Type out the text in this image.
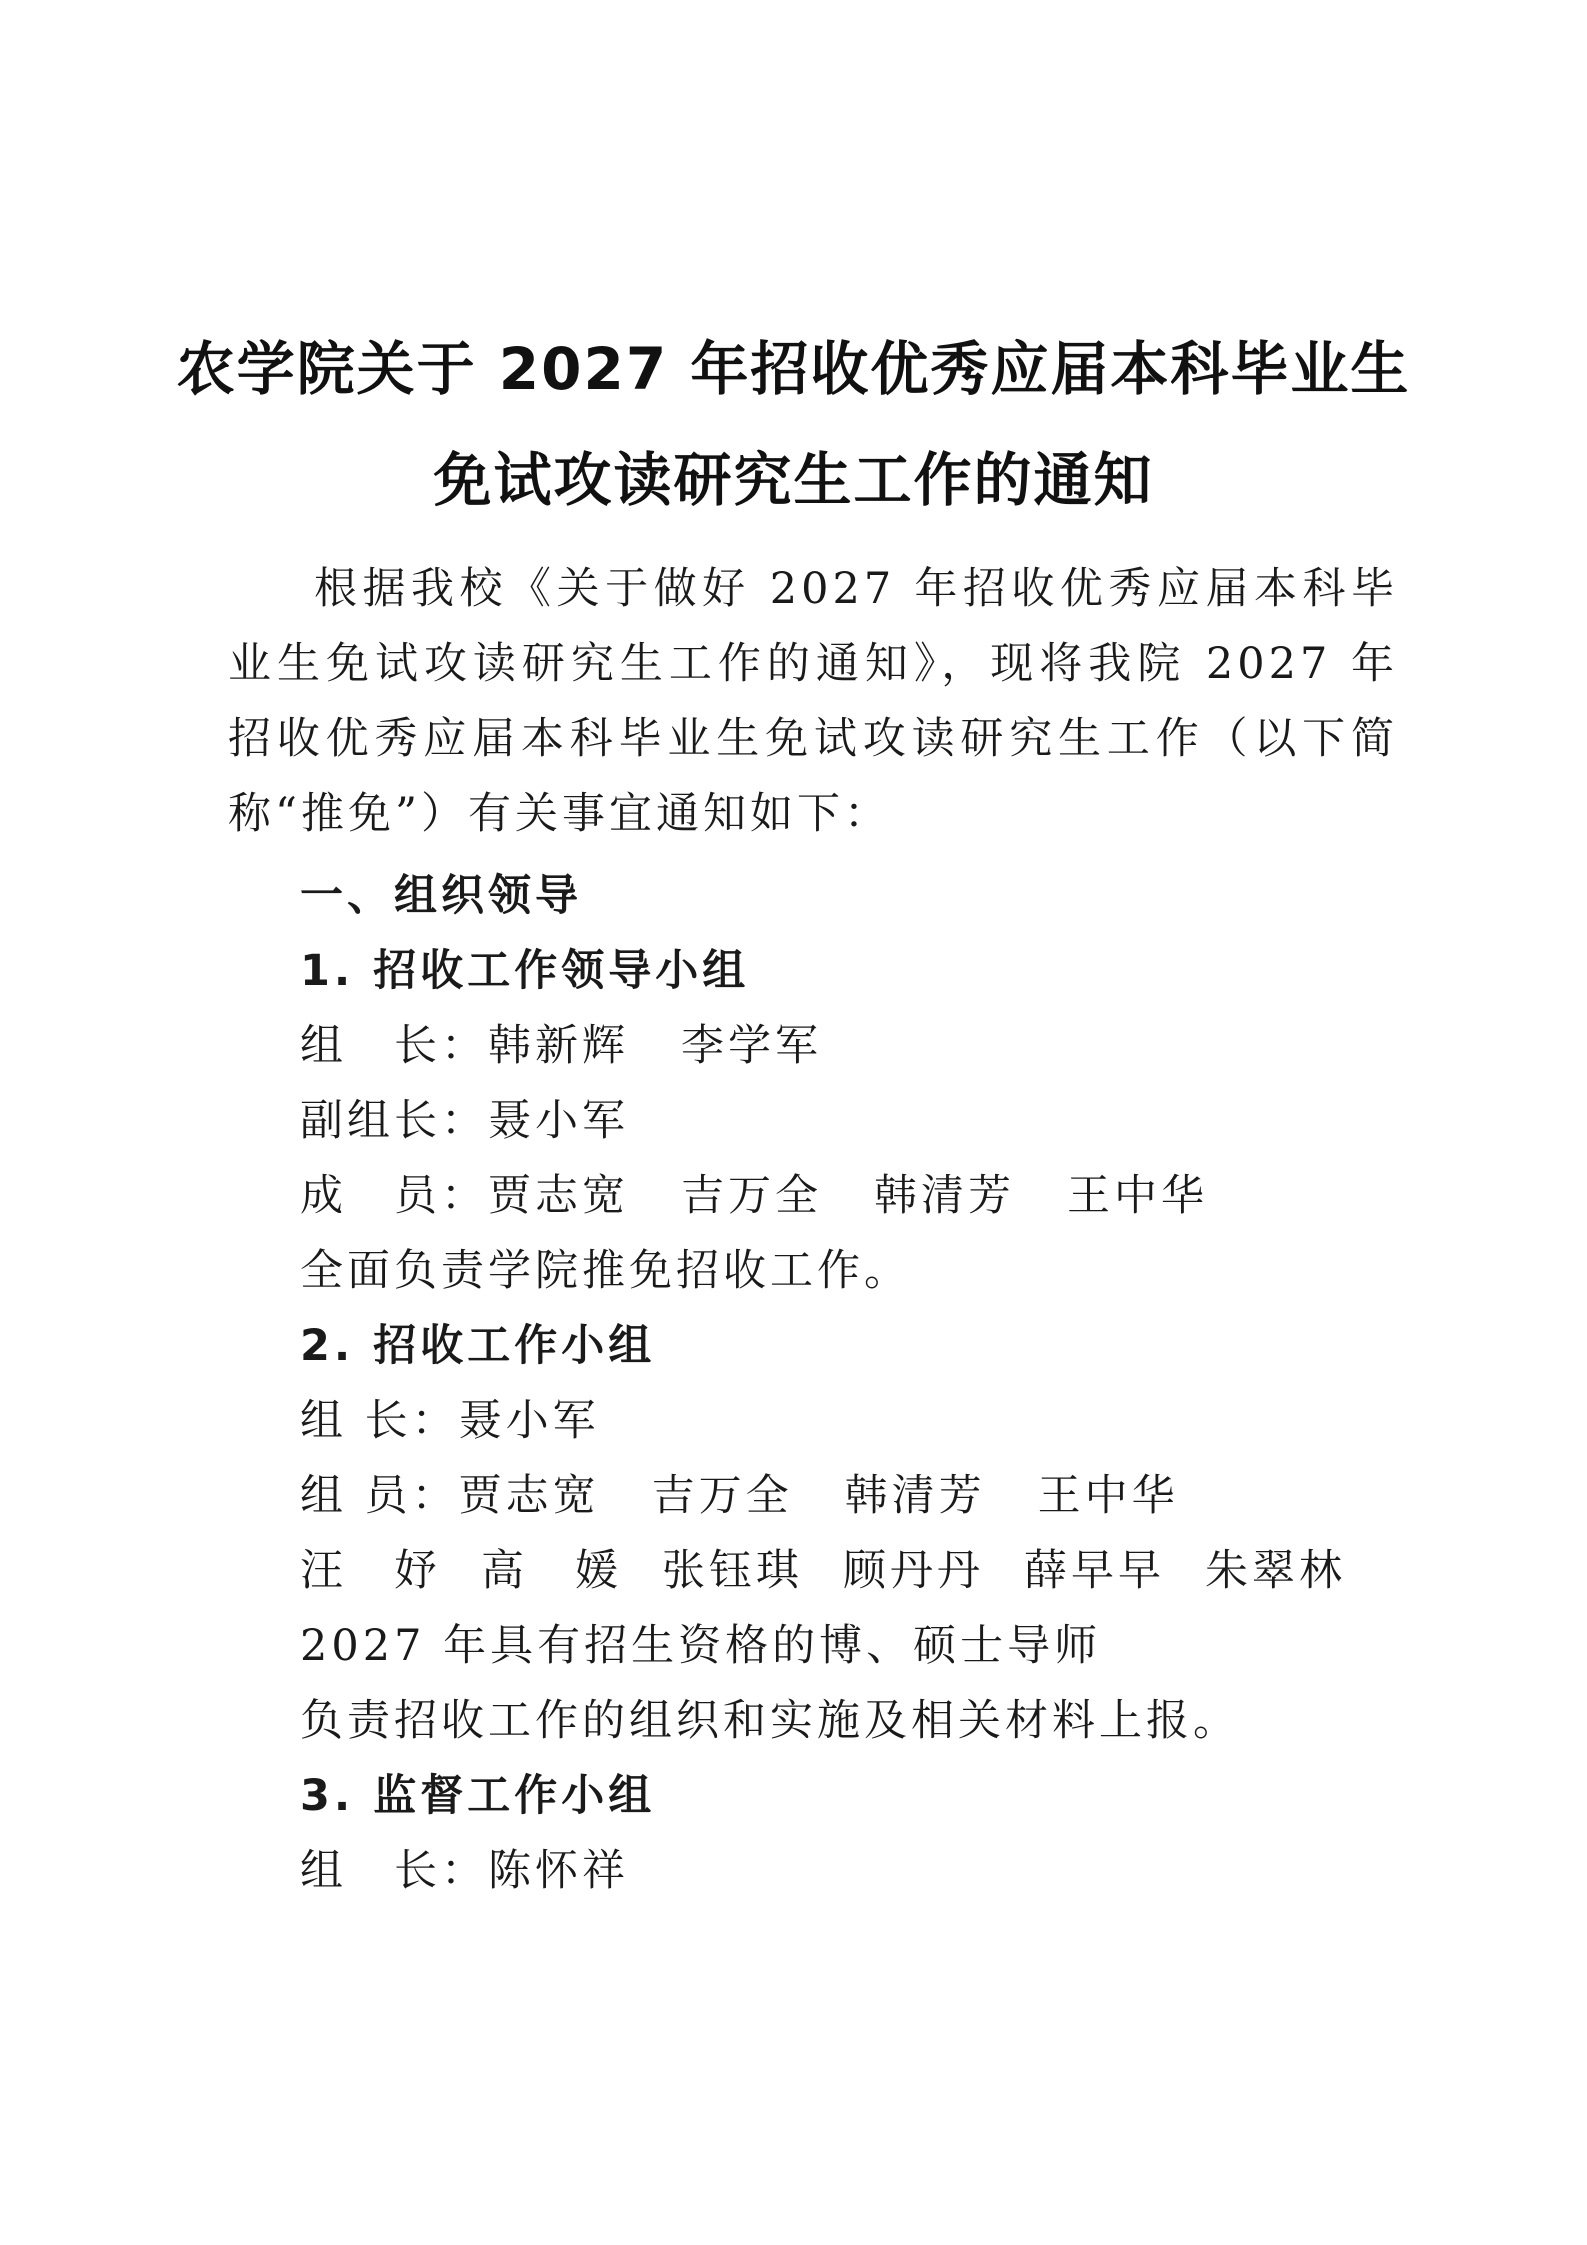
农学院关于 2027 年招收优秀应届本科毕业生
免试攻读研究生工作的通知

根据我校《关于做好 2027 年招收优秀应届本科毕业生免试攻读研究生工作的通知》，现将我院 2027 年招收优秀应届本科毕业生免试攻读研究生工作（以下简称“推免”）有关事宜通知如下：

一、组织领导
1. 招收工作领导小组
组　长：韩新辉 李学军
副组长：聂小军
成　员：贾志宽 吉万全 韩清芳 王中华
全面负责学院推免招收工作。
2. 招收工作小组
组 长：聂小军
组 员：贾志宽 吉万全 韩清芳 王中华
汪　妤 高　媛 张钰琪 顾丹丹 薛早早 朱翠林
2027 年具有招生资格的博、硕士导师
负责招收工作的组织和实施及相关材料上报。
3. 监督工作小组
组　长：陈怀祥
